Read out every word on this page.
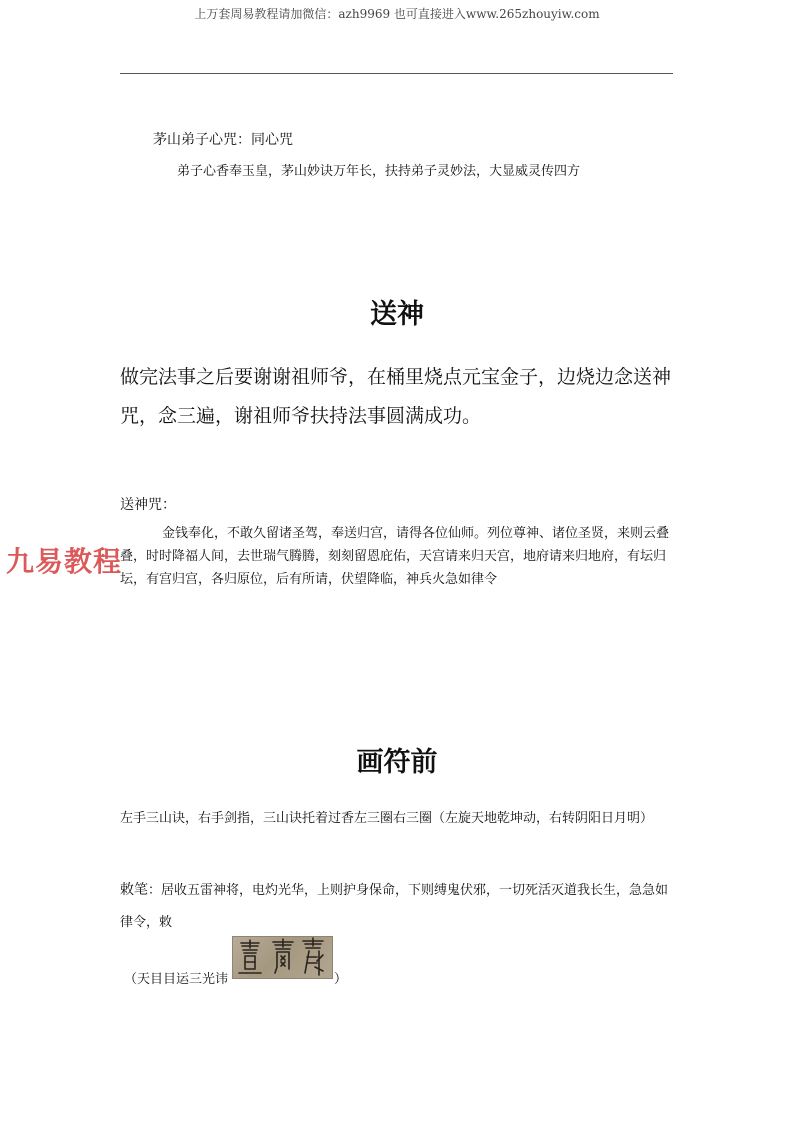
上万套周易教程请加微信：azh9969 也可直接进入www.265zhouyiw.com
茅山弟子心咒：同心咒
弟子心香奉玉皇，茅山妙诀万年长，扶持弟子灵妙法，大显威灵传四方
送神
做完法事之后要谢谢祖师爷，在桶里烧点元宝金子，边烧边念送神咒，念三遍，谢祖师爷扶持法事圆满成功。
送神咒：
金钱奉化，不敢久留诸圣驾，奉送归宫，请得各位仙师。列位尊神、诸位圣贤，来则云叠叠，时时降福人间，去世瑞气腾腾，刻刻留恩庇佑，天宫请来归天宫，地府请来归地府，有坛归坛，有宫归宫，各归原位，后有所请，伏望降临，神兵火急如律令
九易教程
画符前
左手三山诀，右手剑指，三山诀托着过香左三圈右三圈（左旋天地乾坤动，右转阴阳日月明）
敕笔：居收五雷神将，电灼光华，上则护身保命，下则缚鬼伏邪，一切死活灭道我长生，急急如律令，敕
（天目目运三光讳	）
